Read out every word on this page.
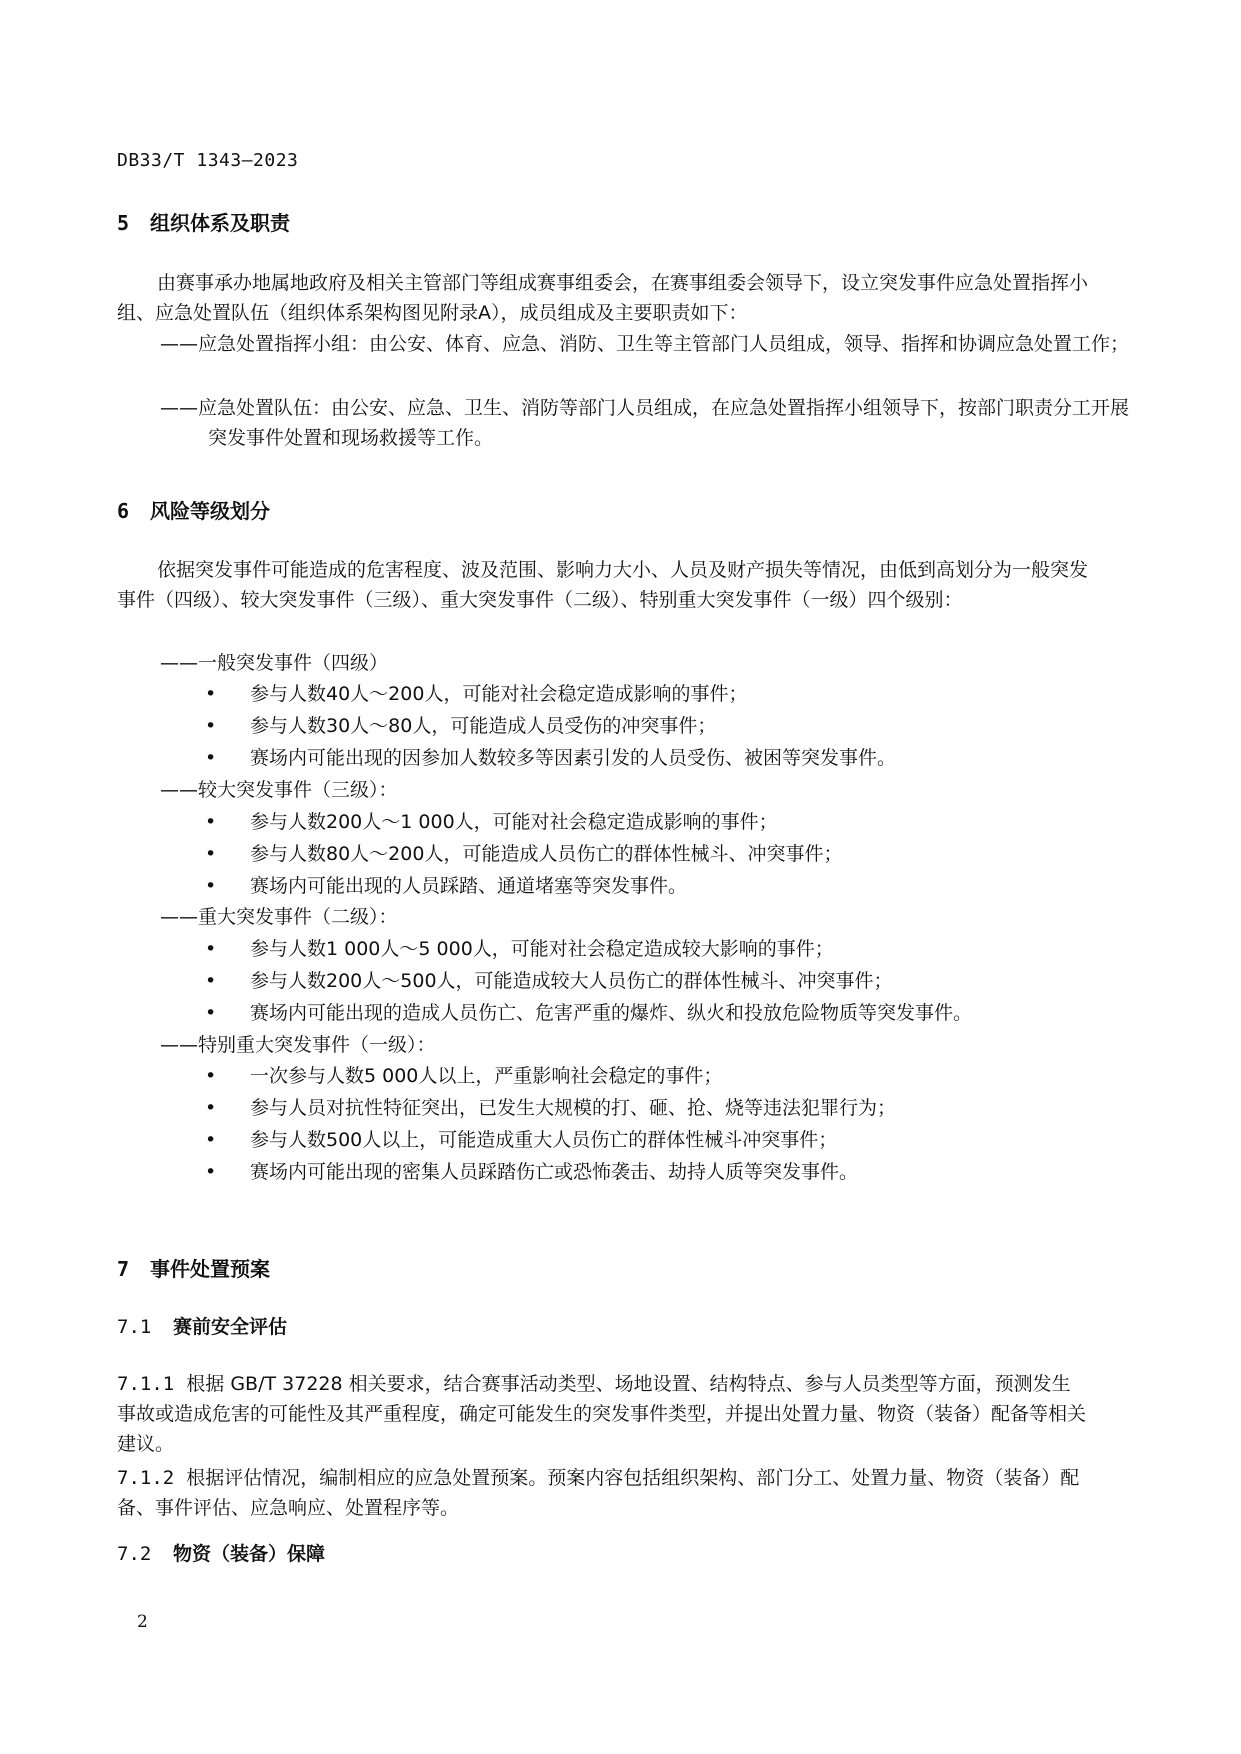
DB33/T 1343—2023
5 组织体系及职责
由赛事承办地属地政府及相关主管部门等组成赛事组委会，在赛事组委会领导下，设立突发事件应急处置指挥小组、应急处置队伍（组织体系架构图见附录A），成员组成及主要职责如下：
——应急处置指挥小组：由公安、体育、应急、消防、卫生等主管部门人员组成，领导、指挥和协调应急处置工作；
——应急处置队伍：由公安、应急、卫生、消防等部门人员组成，在应急处置指挥小组领导下，按部门职责分工开展突发事件处置和现场救援等工作。
6 风险等级划分
依据突发事件可能造成的危害程度、波及范围、影响力大小、人员及财产损失等情况，由低到高划分为一般突发事件（四级）、较大突发事件（三级）、重大突发事件（二级）、特别重大突发事件（一级）四个级别：
——一般突发事件（四级）
• 参与人数40人～200人，可能对社会稳定造成影响的事件；
• 参与人数30人～80人，可能造成人员受伤的冲突事件；
• 赛场内可能出现的因参加人数较多等因素引发的人员受伤、被困等突发事件。
——较大突发事件（三级）：
• 参与人数200人～1 000人，可能对社会稳定造成影响的事件；
• 参与人数80人～200人，可能造成人员伤亡的群体性械斗、冲突事件；
• 赛场内可能出现的人员踩踏、通道堵塞等突发事件。
——重大突发事件（二级）：
• 参与人数1 000人～5 000人，可能对社会稳定造成较大影响的事件；
• 参与人数200人～500人，可能造成较大人员伤亡的群体性械斗、冲突事件；
• 赛场内可能出现的造成人员伤亡、危害严重的爆炸、纵火和投放危险物质等突发事件。
——特别重大突发事件（一级）：
• 一次参与人数5 000人以上，严重影响社会稳定的事件；
• 参与人员对抗性特征突出，已发生大规模的打、砸、抢、烧等违法犯罪行为；
• 参与人数500人以上，可能造成重大人员伤亡的群体性械斗冲突事件；
• 赛场内可能出现的密集人员踩踏伤亡或恐怖袭击、劫持人质等突发事件。
7 事件处置预案
7.1 赛前安全评估
7.1.1 根据 GB/T 37228 相关要求，结合赛事活动类型、场地设置、结构特点、参与人员类型等方面，预测发生事故或造成危害的可能性及其严重程度，确定可能发生的突发事件类型，并提出处置力量、物资（装备）配备等相关建议。
7.1.2 根据评估情况，编制相应的应急处置预案。预案内容包括组织架构、部门分工、处置力量、物资（装备）配备、事件评估、应急响应、处置程序等。
7.2 物资（装备）保障
2
